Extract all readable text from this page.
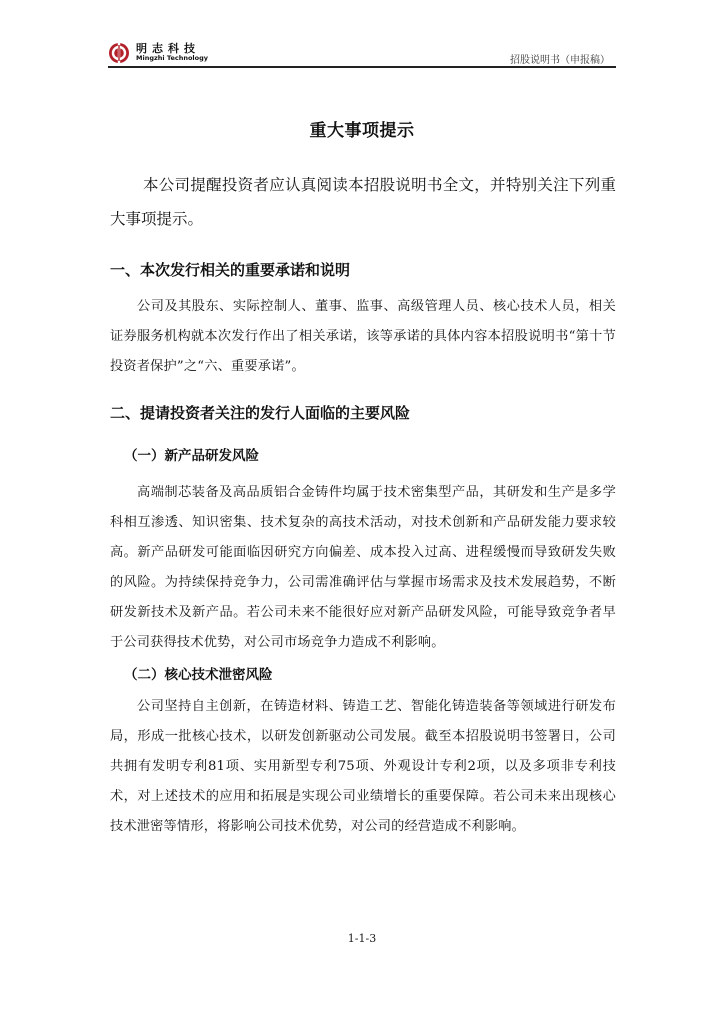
明志科技
Mingzhi Technology	招股说明书（申报稿）
重大事项提示

本公司提醒投资者应认真阅读本招股说明书全文，并特别关注下列重大事项提示。

一、本次发行相关的重要承诺和说明

公司及其股东、实际控制人、董事、监事、高级管理人员、核心技术人员，相关证券服务机构就本次发行作出了相关承诺，该等承诺的具体内容本招股说明书“第十节投资者保护”之“六、重要承诺”。

二、提请投资者关注的发行人面临的主要风险

（一）新产品研发风险

高端制芯装备及高品质铝合金铸件均属于技术密集型产品，其研发和生产是多学科相互渗透、知识密集、技术复杂的高技术活动，对技术创新和产品研发能力要求较高。新产品研发可能面临因研究方向偏差、成本投入过高、进程缓慢而导致研发失败的风险。为持续保持竞争力，公司需准确评估与掌握市场需求及技术发展趋势，不断研发新技术及新产品。若公司未来不能很好应对新产品研发风险，可能导致竞争者早于公司获得技术优势，对公司市场竞争力造成不利影响。

（二）核心技术泄密风险

公司坚持自主创新，在铸造材料、铸造工艺、智能化铸造装备等领域进行研发布局，形成一批核心技术，以研发创新驱动公司发展。截至本招股说明书签署日，公司共拥有发明专利81项、实用新型专利75项、外观设计专利2项，以及多项非专利技术，对上述技术的应用和拓展是实现公司业绩增长的重要保障。若公司未来出现核心技术泄密等情形，将影响公司技术优势，对公司的经营造成不利影响。

1-1-3
